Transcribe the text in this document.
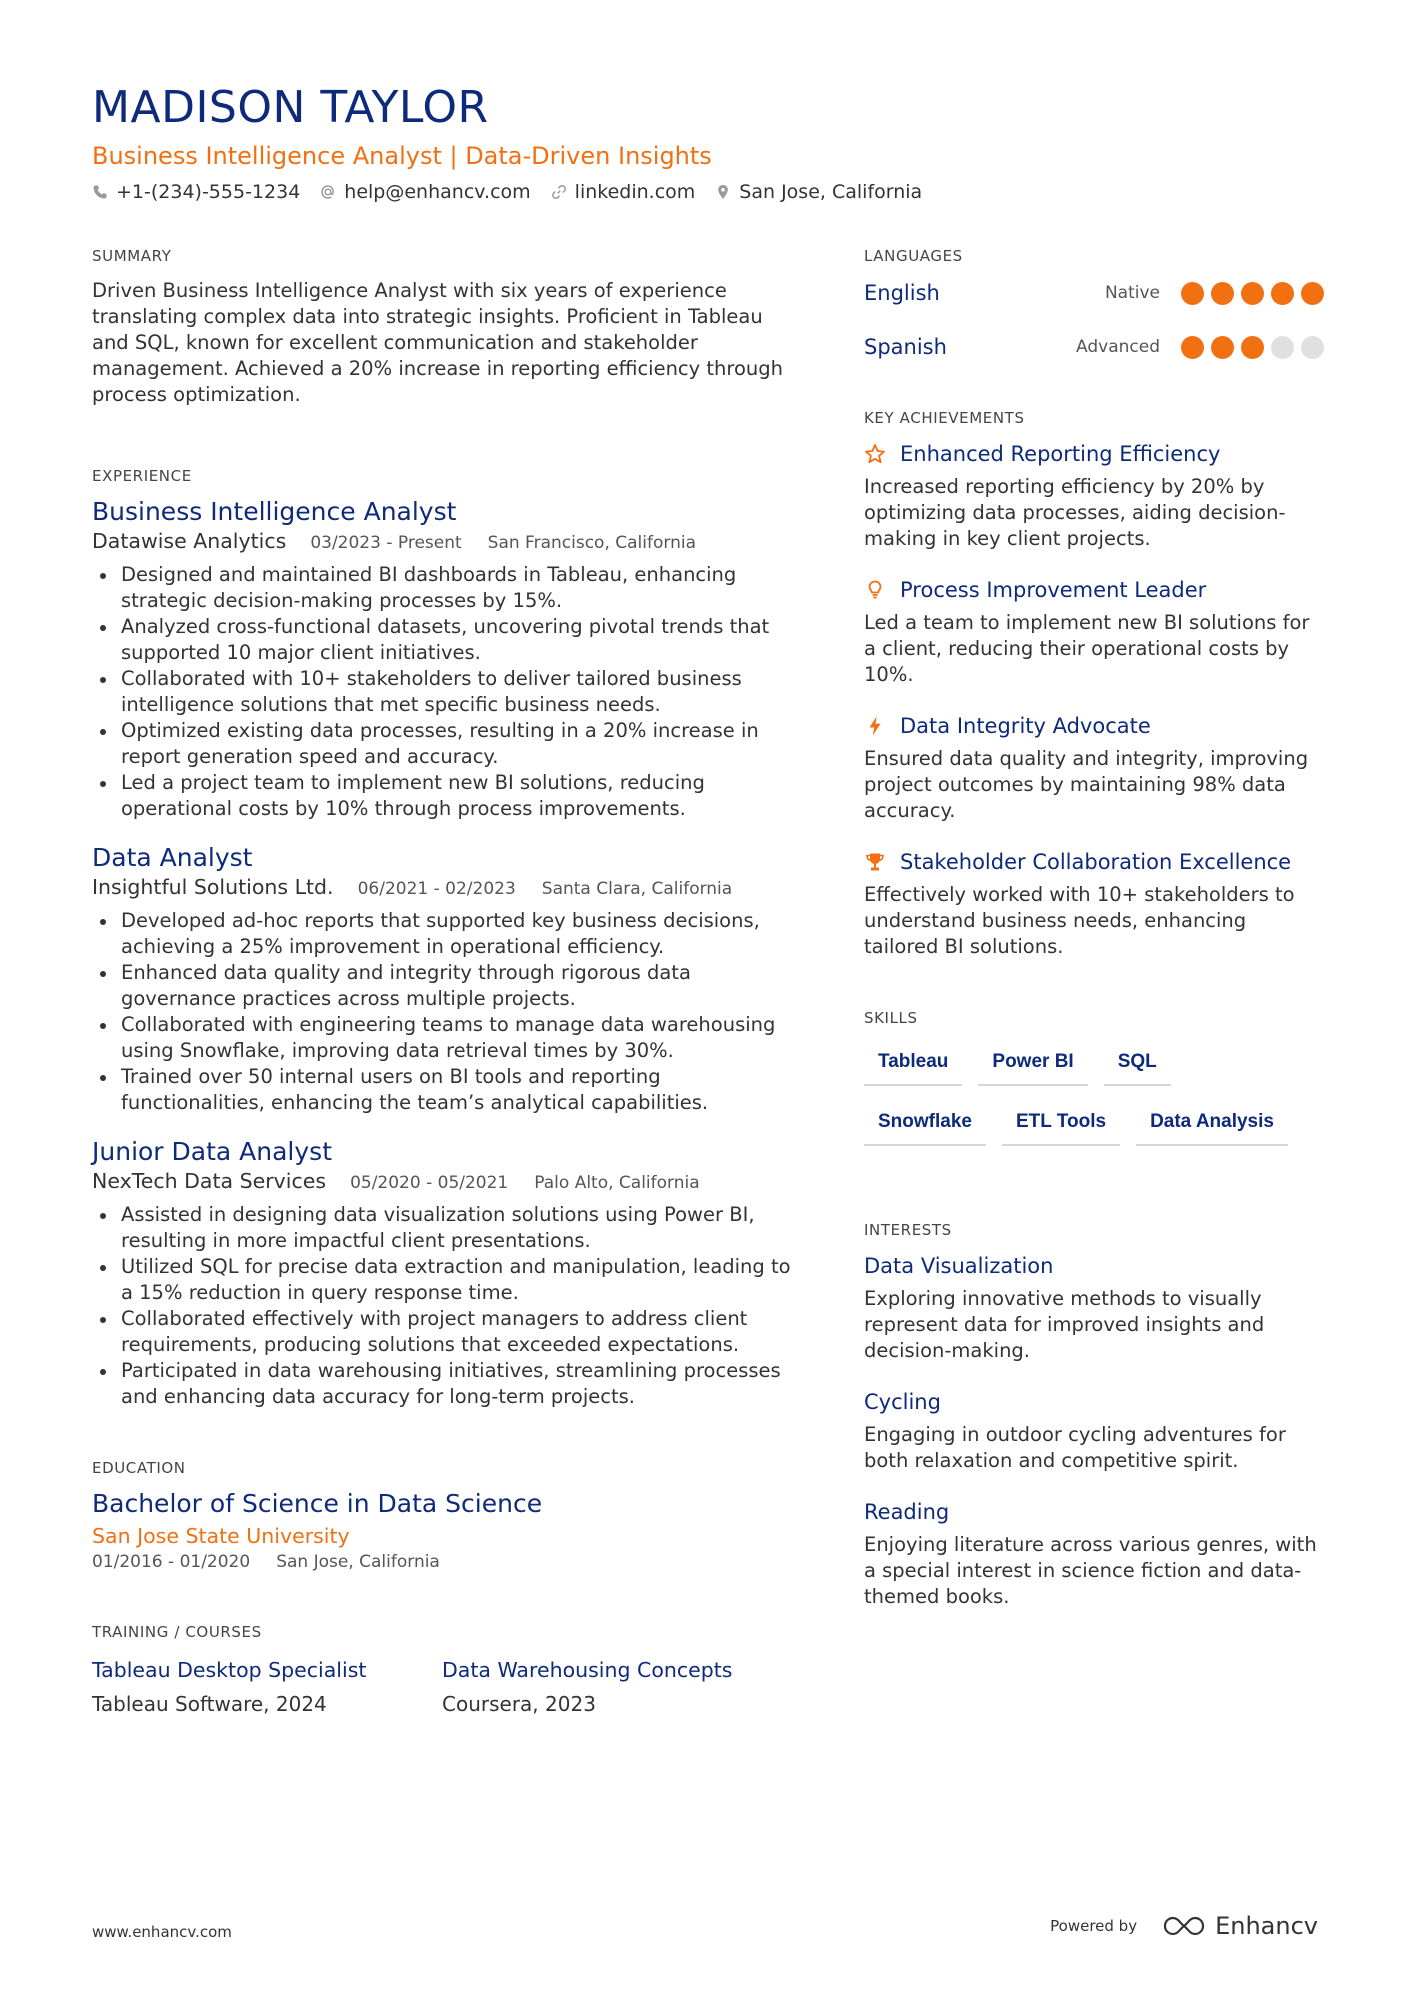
MADISON TAYLOR
Business Intelligence Analyst | Data-Driven Insights
+1-(234)-555-1234 help@enhancv.com linkedin.com San Jose, California
SUMMARY
Driven Business Intelligence Analyst with six years of experience translating complex data into strategic insights. Proficient in Tableau and SQL, known for excellent communication and stakeholder management. Achieved a 20% increase in reporting efficiency through process optimization.
EXPERIENCE
Business Intelligence Analyst
Datawise Analytics 03/2023 - Present San Francisco, California
Designed and maintained BI dashboards in Tableau, enhancing strategic decision-making processes by 15%.
Analyzed cross-functional datasets, uncovering pivotal trends that supported 10 major client initiatives.
Collaborated with 10+ stakeholders to deliver tailored business intelligence solutions that met specific business needs.
Optimized existing data processes, resulting in a 20% increase in report generation speed and accuracy.
Led a project team to implement new BI solutions, reducing operational costs by 10% through process improvements.
Data Analyst
Insightful Solutions Ltd. 06/2021 - 02/2023 Santa Clara, California
Developed ad-hoc reports that supported key business decisions, achieving a 25% improvement in operational efficiency.
Enhanced data quality and integrity through rigorous data governance practices across multiple projects.
Collaborated with engineering teams to manage data warehousing using Snowflake, improving data retrieval times by 30%.
Trained over 50 internal users on BI tools and reporting functionalities, enhancing the team’s analytical capabilities.
Junior Data Analyst
NexTech Data Services 05/2020 - 05/2021 Palo Alto, California
Assisted in designing data visualization solutions using Power BI, resulting in more impactful client presentations.
Utilized SQL for precise data extraction and manipulation, leading to a 15% reduction in query response time.
Collaborated effectively with project managers to address client requirements, producing solutions that exceeded expectations.
Participated in data warehousing initiatives, streamlining processes and enhancing data accuracy for long-term projects.
EDUCATION
Bachelor of Science in Data Science
San Jose State University
01/2016 - 01/2020 San Jose, California
TRAINING / COURSES
Tableau Desktop Specialist
Tableau Software, 2024
Data Warehousing Concepts
Coursera, 2023
LANGUAGES
English	Native
Spanish	Advanced
KEY ACHIEVEMENTS
Enhanced Reporting Efficiency
Increased reporting efficiency by 20% by optimizing data processes, aiding decision-making in key client projects.
Process Improvement Leader
Led a team to implement new BI solutions for a client, reducing their operational costs by 10%.
Data Integrity Advocate
Ensured data quality and integrity, improving project outcomes by maintaining 98% data accuracy.
Stakeholder Collaboration Excellence
Effectively worked with 10+ stakeholders to understand business needs, enhancing tailored BI solutions.
SKILLS
Tableau	Power BI	SQL
Snowflake	ETL Tools	Data Analysis
INTERESTS
Data Visualization
Exploring innovative methods to visually represent data for improved insights and decision-making.
Cycling
Engaging in outdoor cycling adventures for both relaxation and competitive spirit.
Reading
Enjoying literature across various genres, with a special interest in science fiction and data-themed books.
www.enhancv.com	Powered by	Enhancv
